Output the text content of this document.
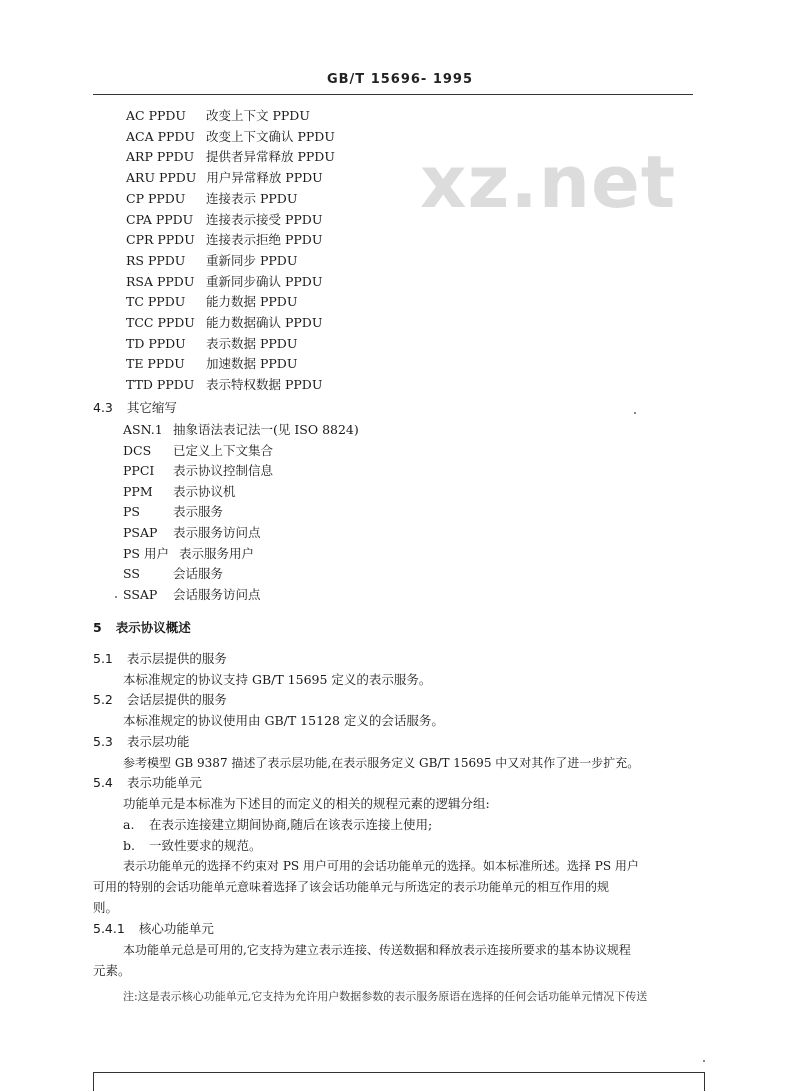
GB/T 15696- 1995
xz.net
AC PPDU 改变上下文 PPDU
ACA PPDU 改变上下文确认 PPDU
ARP PPDU 提供者异常释放 PPDU
ARU PPDU 用户异常释放 PPDU
CP PPDU 连接表示 PPDU
CPA PPDU 连接表示接受 PPDU
CPR PPDU 连接表示拒绝 PPDU
RS PPDU 重新同步 PPDU
RSA PPDU 重新同步确认 PPDU
TC PPDU 能力数据 PPDU
TCC PPDU 能力数据确认 PPDU
TD PPDU 表示数据 PPDU
TE PPDU 加速数据 PPDU
TTD PPDU 表示特权数据 PPDU
4.3 其它缩写
ASN.1 抽象语法表记法一(见 ISO 8824)
DCS 已定义上下文集合
PPCI 表示协议控制信息
PPM 表示协议机
PS	表示服务
PSAP 表示服务访问点
PS 用户 表示服务用户
SS	会话服务
SSAP 会话服务访问点
5 表示协议概述
5.1 表示层提供的服务
本标准规定的协议支持 GB/T 15695 定义的表示服务。
5.2 会话层提供的服务
本标准规定的协议使用由 GB/T 15128 定义的会话服务。
5.3 表示层功能
参考模型 GB 9387 描述了表示层功能,在表示服务定义 GB/T 15695 中又对其作了进一步扩充。
5.4 表示功能单元
功能单元是本标准为下述目的而定义的相关的规程元素的逻辑分组:
a. 在表示连接建立期间协商,随后在该表示连接上使用;
b. 一致性要求的规范。
表示功能单元的选择不约束对 PS 用户可用的会话功能单元的选择。如本标准所述。选择 PS 用户
可用的特别的会话功能单元意味着选择了该会话功能单元与所选定的表示功能单元的相互作用的规
则。
5.4.1 核心功能单元
本功能单元总是可用的,它支持为建立表示连接、传送数据和释放表示连接所要求的基本协议规程
元素。
注:这是表示核心功能单元,它支持为允许用户数据参数的表示服务原语在选择的任何会话功能单元情况下传送
